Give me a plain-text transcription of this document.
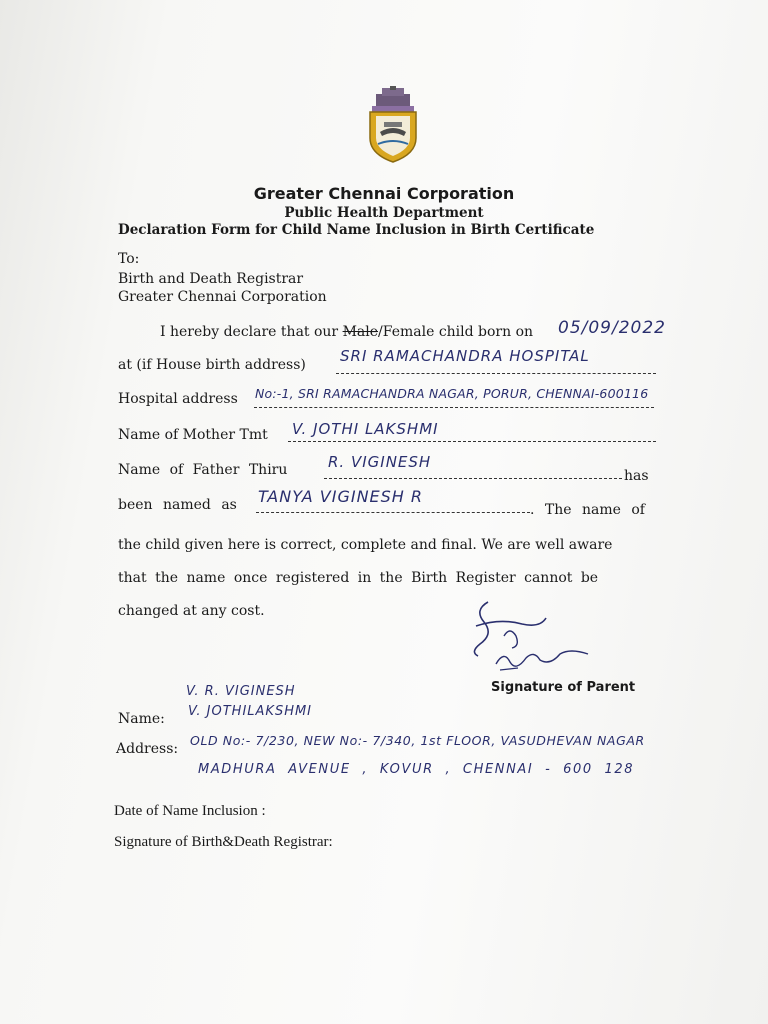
Greater Chennai Corporation
Public Health Department
Declaration Form for Child Name Inclusion in Birth Certificate
To:
Birth and Death Registrar
Greater Chennai Corporation
I hereby declare that our Male/Female child born on 05/09/2022
at (if House birth address) SRI RAMACHANDRA HOSPITAL
Hospital address No:-1, SRI RAMACHANDRA NAGAR, PORUR, CHENNAI-600116
Name of Mother Tmt V. JOTHI LAKSHMI
Name of Father Thiru	R. VIGINESH
has
been named as TANYA VIGINESH R
. The name of
the child given here is correct, complete and final. We are well aware
that the name once registered in the Birth Register cannot be
changed at any cost.
Signature of Parent
V. R. VIGINESH
Name: V. JOTHILAKSHMI
Address:
OLD No:- 7/230, NEW No:- 7/340, 1st FLOOR, VASUDHEVAN NAGAR
MADHURA AVENUE , KOVUR , CHENNAI - 600 128
Date of Name Inclusion :
Signature of Birth&Death Registrar:
